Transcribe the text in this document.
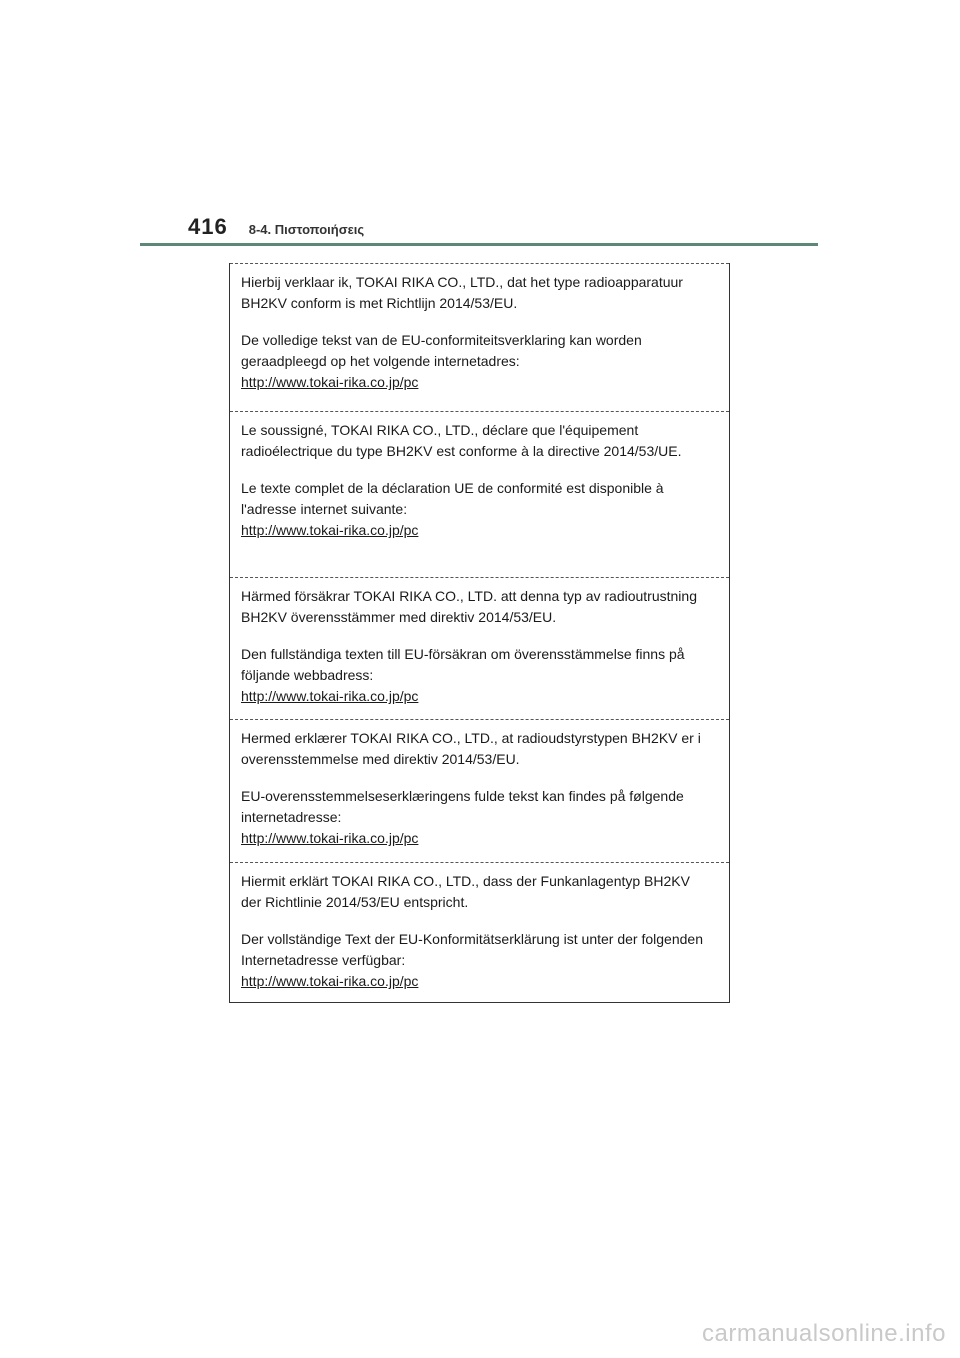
416 8-4. Πιστοποιήσεις

Hierbij verklaar ik, TOKAI RIKA CO., LTD., dat het type radioapparatuur BH2KV conform is met Richtlijn 2014/53/EU.

De volledige tekst van de EU-conformiteitsverklaring kan worden geraadpleegd op het volgende internetadres:

http://www.tokai-rika.co.jp/pc

Le soussigné, TOKAI RIKA CO., LTD., déclare que l'équipement radioélectrique du type BH2KV est conforme à la directive 2014/53/UE.

Le texte complet de la déclaration UE de conformité est disponible à l'adresse internet suivante:

http://www.tokai-rika.co.jp/pc

Härmed försäkrar TOKAI RIKA CO., LTD. att denna typ av radioutrustning BH2KV överensstämmer med direktiv 2014/53/EU.

Den fullständiga texten till EU-försäkran om överensstämmelse finns på följande webbadress:

http://www.tokai-rika.co.jp/pc

Hermed erklærer TOKAI RIKA CO., LTD., at radioudstyrstypen BH2KV er i overensstemmelse med direktiv 2014/53/EU.

EU-overensstemmelseserklæringens fulde tekst kan findes på følgende internetadresse:

http://www.tokai-rika.co.jp/pc

Hiermit erklärt TOKAI RIKA CO., LTD., dass der Funkanlagentyp BH2KV der Richtlinie 2014/53/EU entspricht.

Der vollständige Text der EU-Konformitätserklärung ist unter der folgenden Internetadresse verfügbar:

http://www.tokai-rika.co.jp/pc
carmanualsonline.info
